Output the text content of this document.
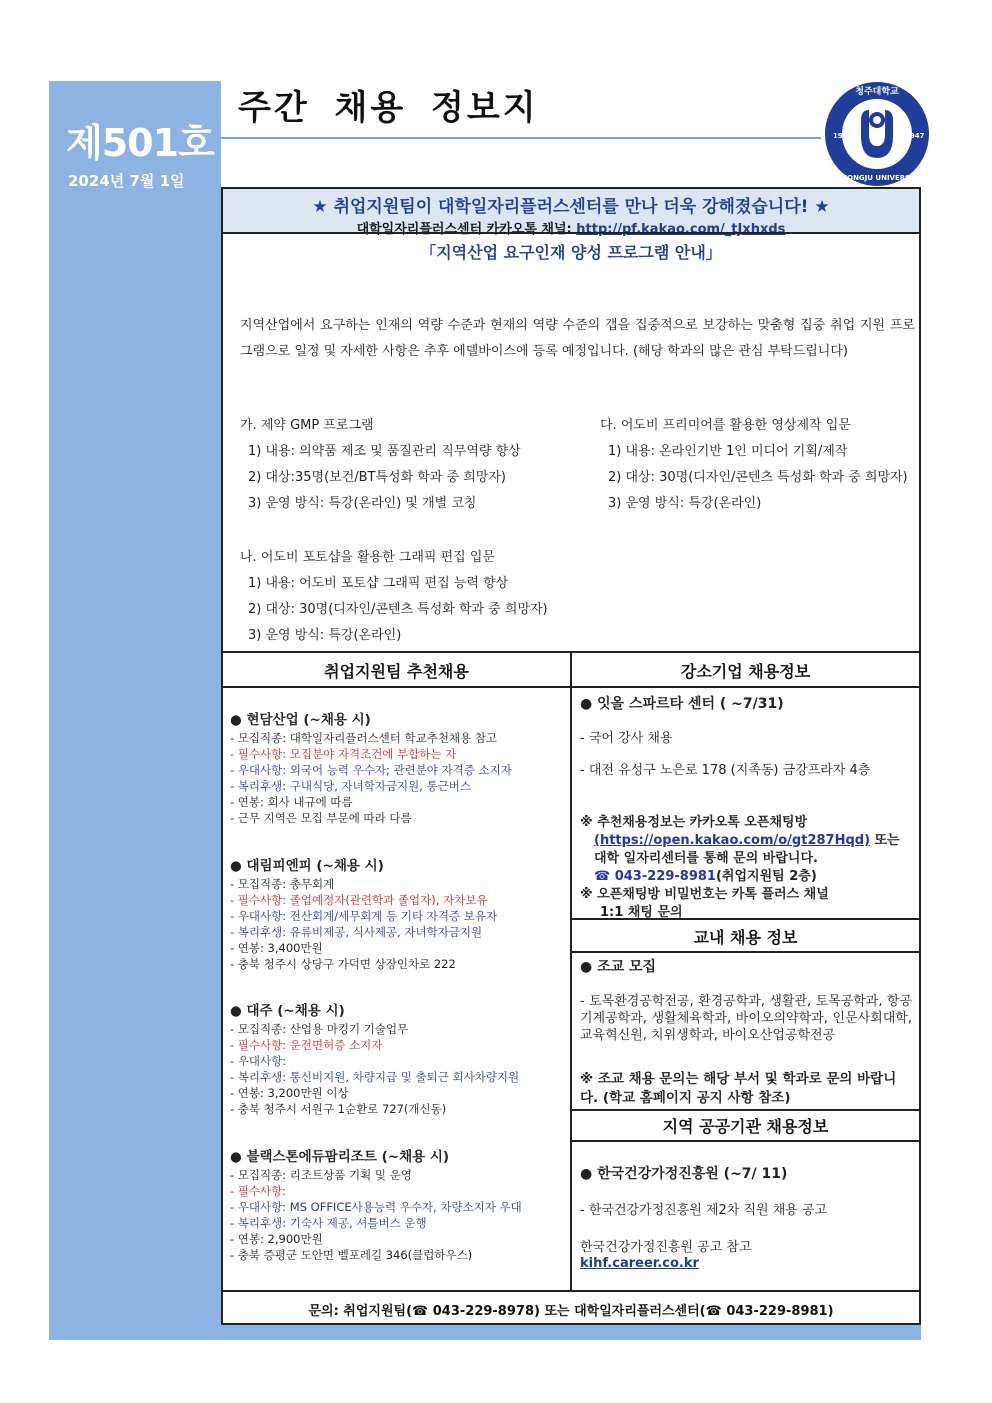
제501호
2024년 7월 1일
주간 채용 정보지	청주대학교
1924	1947
CHEONGJU UNIVERSITY
★ 취업지원팀이 대학일자리플러스센터를 만나 더욱 강해졌습니다! ★
대학일자리플러스센터 카카오톡 채널: http://pf.kakao.com/_tJxhxds
「지역산업 요구인재 양성 프로그램 안내」
지역산업에서 요구하는 인재의 역량 수준과 현재의 역량 수준의 갭을 집중적으로 보강하는 맞춤형 집중 취업 지원 프로그램으로 일정 및 자세한 사항은 추후 에델바이스에 등록 예정입니다. (해당 학과의 많은 관심 부탁드립니다)
가. 제약 GMP 프로그램
1) 내용: 의약품 제조 및 품질관리 직무역량 향상
2) 대상:35명(보건/BT특성화 학과 중 희망자)
3) 운영 방식: 특강(온라인) 및 개별 코칭
다. 어도비 프리미어를 활용한 영상제작 입문
1) 내용: 온라인기반 1인 미디어 기획/제작
2) 대상: 30명(디자인/콘텐츠 특성화 학과 중 희망자)
3) 운영 방식: 특강(온라인)
나. 어도비 포토샵을 활용한 그래픽 편집 입문
1) 내용: 어도비 포토샵 그래픽 편집 능력 향상
2) 대상: 30명(디자인/콘텐츠 특성화 학과 중 희망자)
3) 운영 방식: 특강(온라인)
취업지원팀 추천채용	강소기업 채용정보
교내 채용 정보
지역 공공기관 채용정보
● 현담산업 (~채용 시)
- 모집직종: 대학일자리플러스센터 학교추천채용 참고
- 필수사항: 모집분야 자격조건에 부합하는 자
- 우대사항: 외국어 능력 우수자; 관련분야 자격증 소지자
- 복리후생: 구내식당, 자녀학자금지원, 통근버스
- 연봉: 회사 내규에 따름
- 근무 지역은 모집 부문에 따라 다름
● 대림피엔피 (~채용 시)
- 모집직종: 총무회계
- 필수사항: 졸업예정자(관련학과 졸업자), 자차보유
- 우대사항: 전산회계/세무회계 등 기타 자격증 보유자
- 복리후생: 유류비제공, 식사제공, 자녀학자금지원
- 연봉: 3,400만원
- 충북 청주시 상당구 가덕면 상장인차로 222
● 대주 (~채용 시)
- 모집직종: 산업용 마킹기 기술업무
- 필수사항: 운전면허증 소지자
- 우대사항:
- 복리후생: 통신비지원, 차량지급 및 출퇴근 회사차량지원
- 연봉: 3,200만원 이상
- 충북 청주시 서원구 1순환로 727(개신동)
● 블랙스톤에듀팜리조트 (~채용 시)
- 모집직종: 리조트상품 기획 및 운영
- 필수사항:
- 우대사항: MS OFFICE사용능력 우수자, 차량소지자 우대
- 복리후생: 기숙사 제공, 셔틀버스 운행
- 연봉: 2,900만원
- 충북 증평군 도안면 벨포레길 346(클럽하우스)
● 잇올 스파르타 센터 ( ~7/31)
- 국어 강사 채용
- 대전 유성구 노은로 178 (지족동) 금강프라자 4층
※ 추천채용정보는 카카오톡 오픈채팅방
(https://open.kakao.com/o/gt287Hqd) 또는
대학 일자리센터를 통해 문의 바랍니다.
☎ 043-229-8981(취업지원팀 2층)
※ 오픈채팅방 비밀번호는 카톡 플러스 채널
1:1 채팅 문의
● 조교 모집
- 토목환경공학전공, 환경공학과, 생활관, 토목공학과, 항공기계공학과, 생활체육학과, 바이오의약학과, 인문사회대학, 교육혁신원, 치위생학과, 바이오산업공학전공
※ 조교 채용 문의는 해당 부서 및 학과로 문의 바랍니다. (학교 홈페이지 공지 사항 참조)
● 한국건강가정진흥원 (~7/ 11)
- 한국건강가정진흥원 제2차 직원 채용 공고
한국건강가정진흥원 공고 참고
kihf.career.co.kr
문의: 취업지원팀(☎ 043-229-8978) 또는 대학일자리플러스센터(☎ 043-229-8981)
